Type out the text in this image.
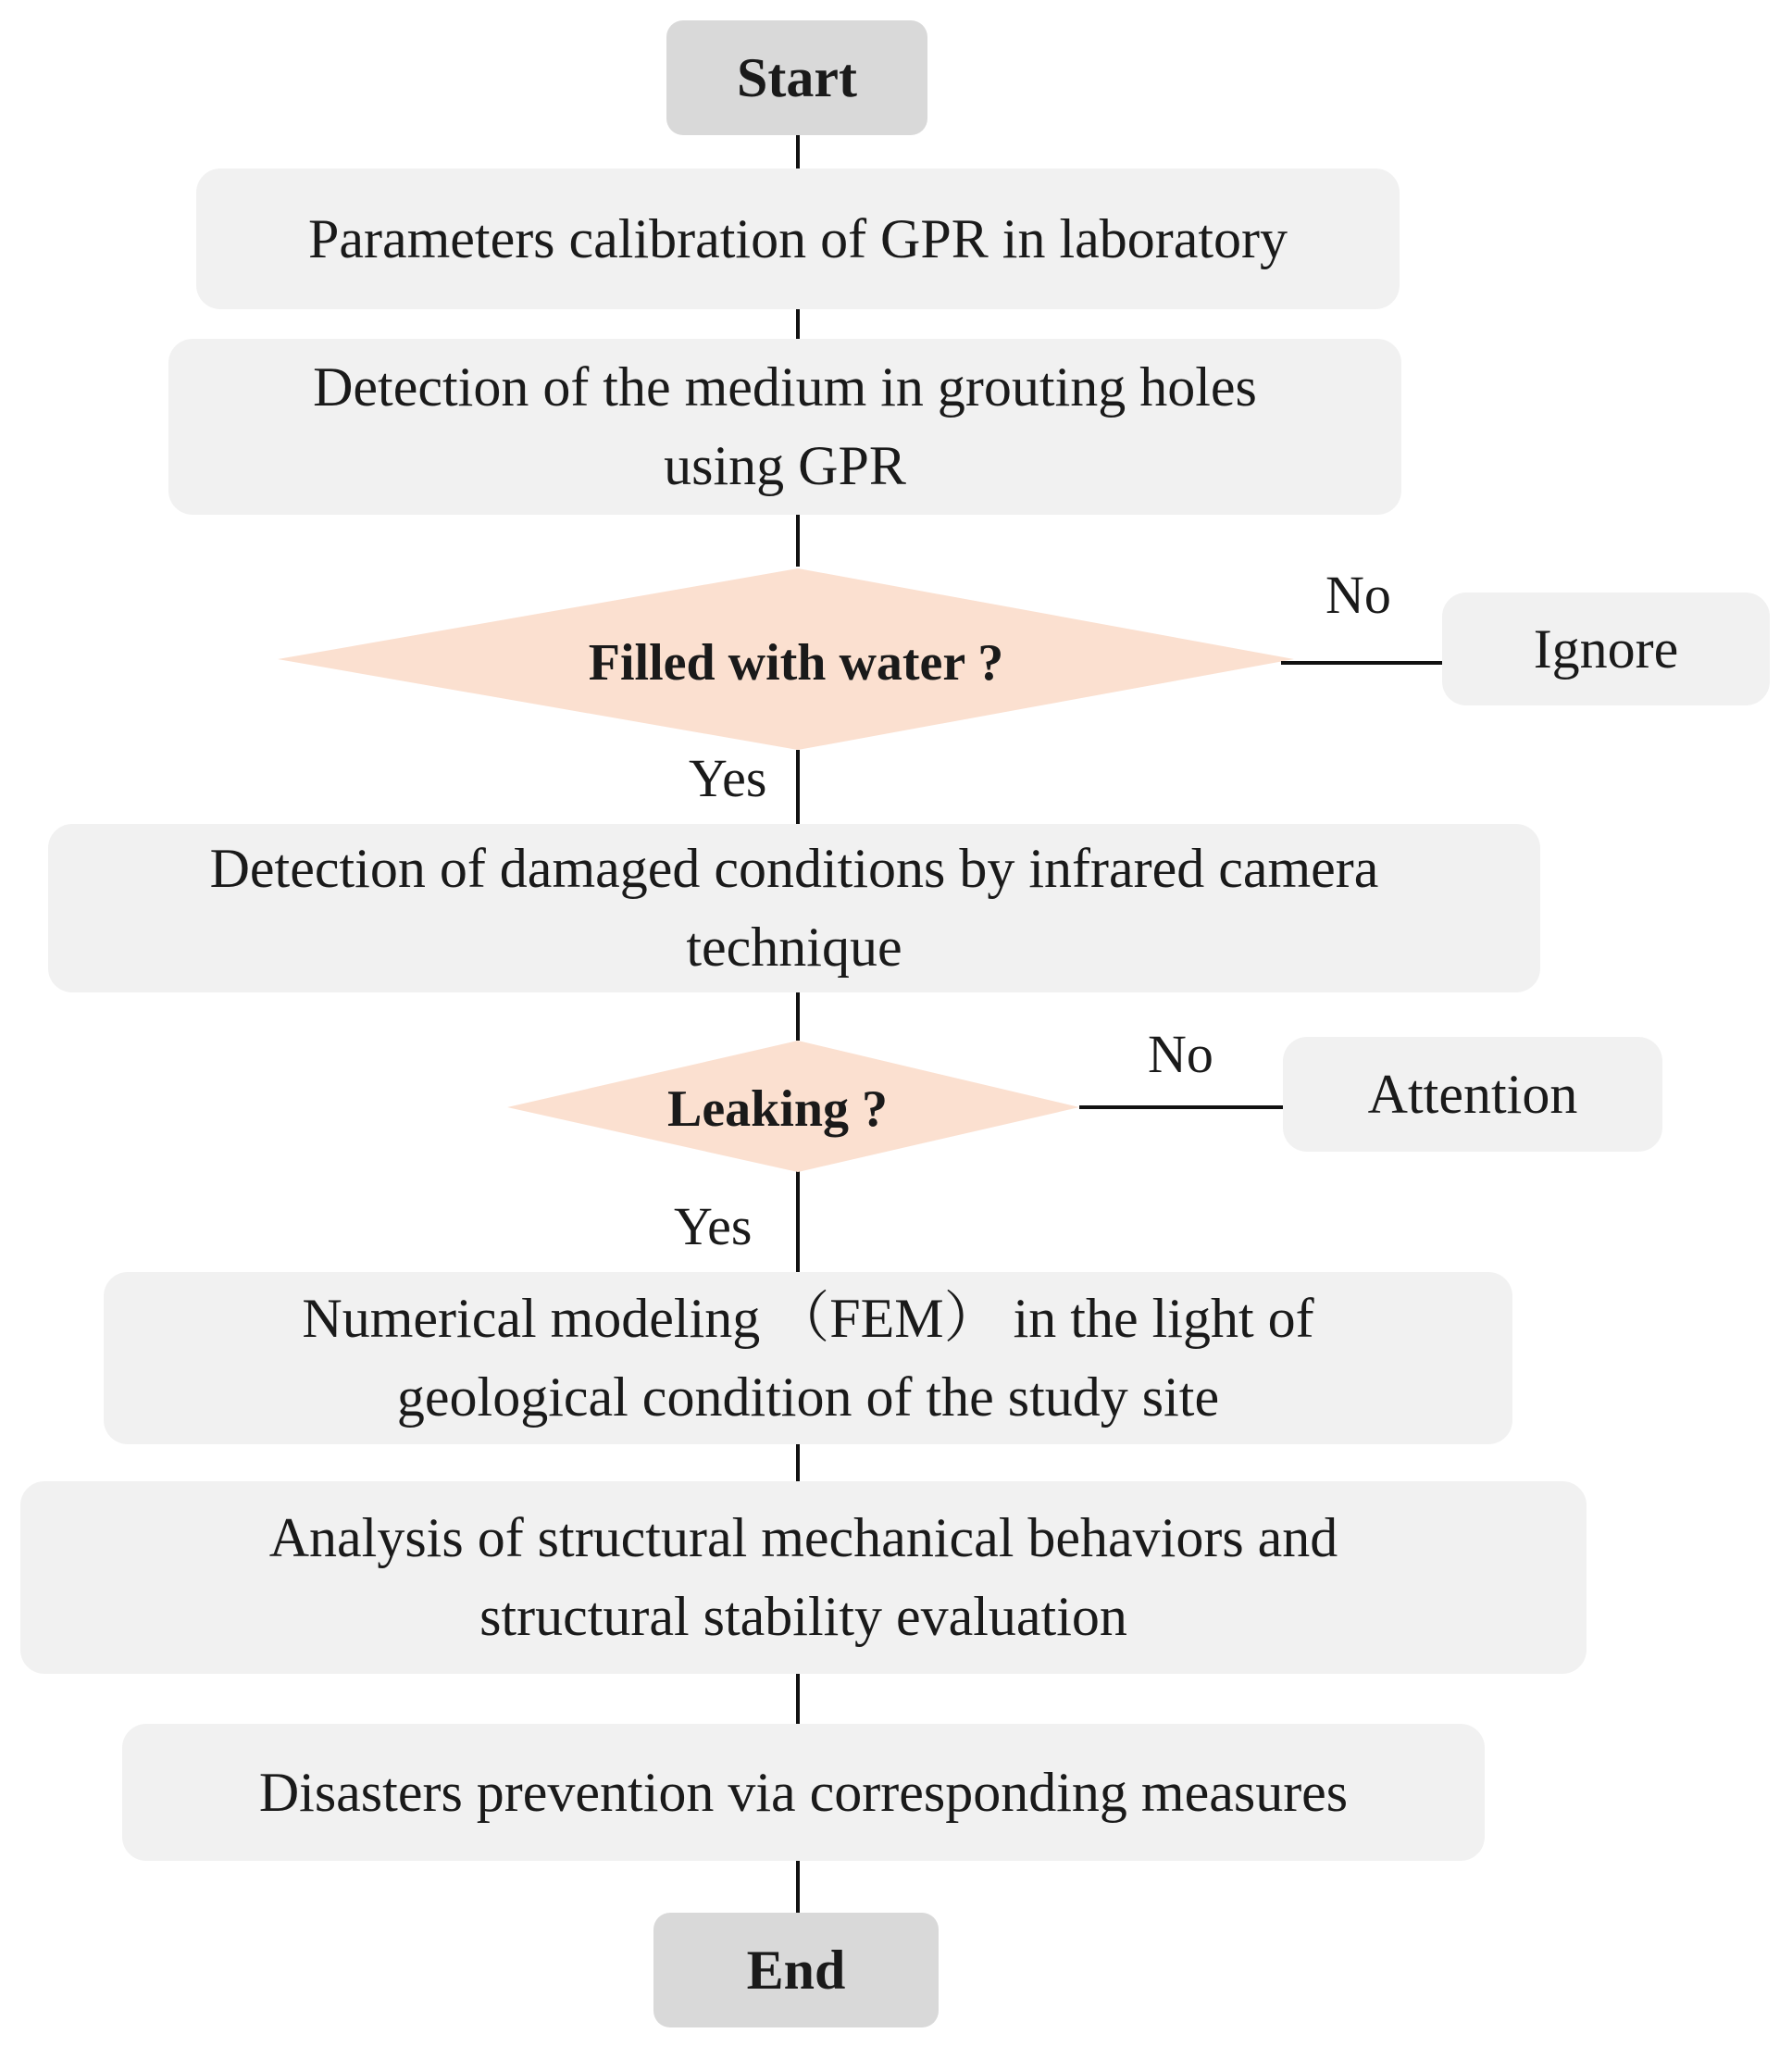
Start
End
Parameters calibration of GPR in laboratory
Detection of the medium in grouting holes using GPR
Detection of damaged conditions by infrared camera technique
Numerical modeling （FEM） in the light of geological condition of the study site
Analysis of structural mechanical behaviors and structural stability evaluation
Disasters prevention via corresponding measures
Filled with water ?
Leaking ?
Ignore
Attention
No
Yes
No
Yes
